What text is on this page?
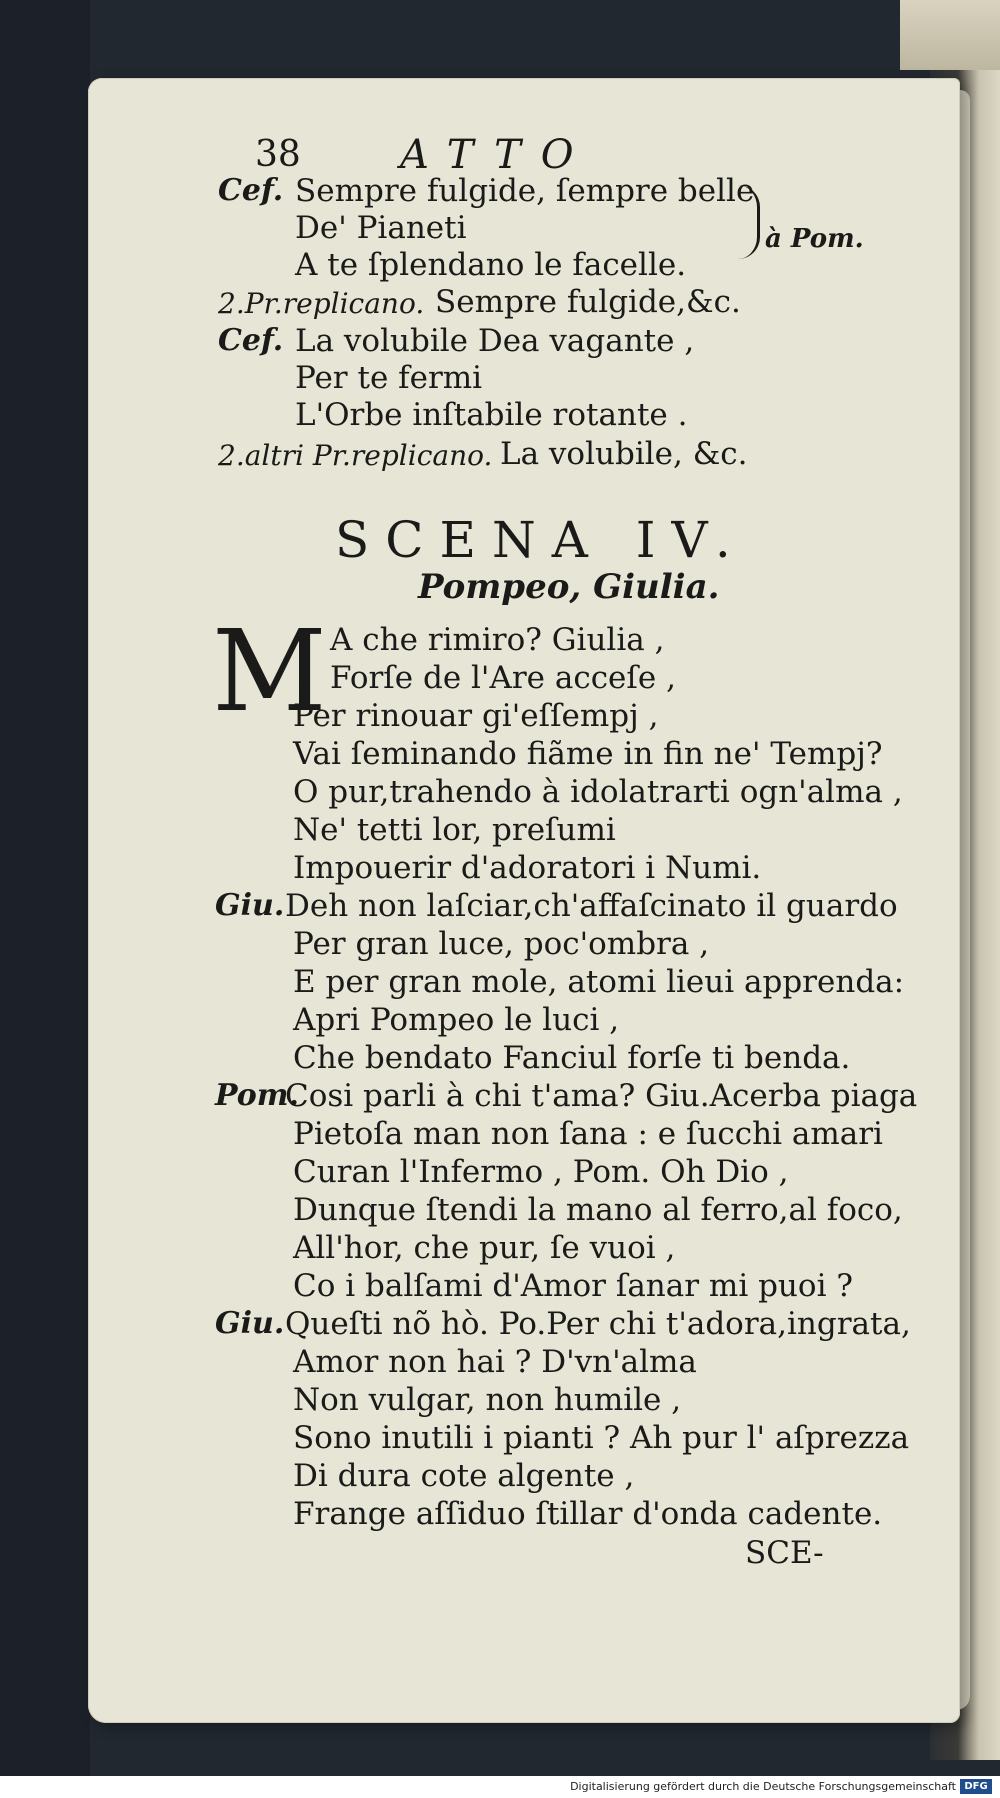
38 ATTO
Cef. Sempre fulgide, ſempre belle
De' Pianeti
A te ſplendano le facelle.
2.Pr.replicano. Sempre fulgide,&c.
Cef. La volubile Dea vagante ,
Per te fermi
L'Orbe inſtabile rotante .
2.altri Pr.replicano. La volubile, &c.
à Pom.
SCENA IV.
Pompeo, Giulia.
M A che rimiro? Giulia ,
Forſe de l'Are acceſe ,
Per rinouar gi'eſſempj ,
Vai ſeminando fiãme in fin ne' Tempj?
O pur,trahendo à idolatrarti ogn'alma ,
Ne' tetti lor, preſumi
Impouerir d'adoratori i Numi.
Giu. Deh non laſciar,ch'affaſcinato il guardo
Per gran luce, poc'ombra ,
E per gran mole, atomi lieui apprenda:
Apri Pompeo le luci ,
Che bendato Fanciul forſe ti benda.
Pom.
Cosi parli à chi t'ama? Giu.Acerba piaga
Pietoſa man non ſana : e ſucchi amari
Curan l'Infermo , Pom. Oh Dio ,
Dunque ſtendi la mano al ferro,al foco,
All'hor, che pur, ſe vuoi ,
Co i balſami d'Amor ſanar mi puoi ?
Giu. Queſti nõ hò. Po.Per chi t'adora,ingrata,
Amor non hai ? D'vn'alma
Non vulgar, non humile ,
Sono inutili i pianti ? Ah pur l' aſprezza
Di dura cote algente ,
Frange aſſiduo ſtillar d'onda cadente.
SCE-
Digitalisierung gefördert durch die Deutsche Forschungsgemeinschaft DFG
